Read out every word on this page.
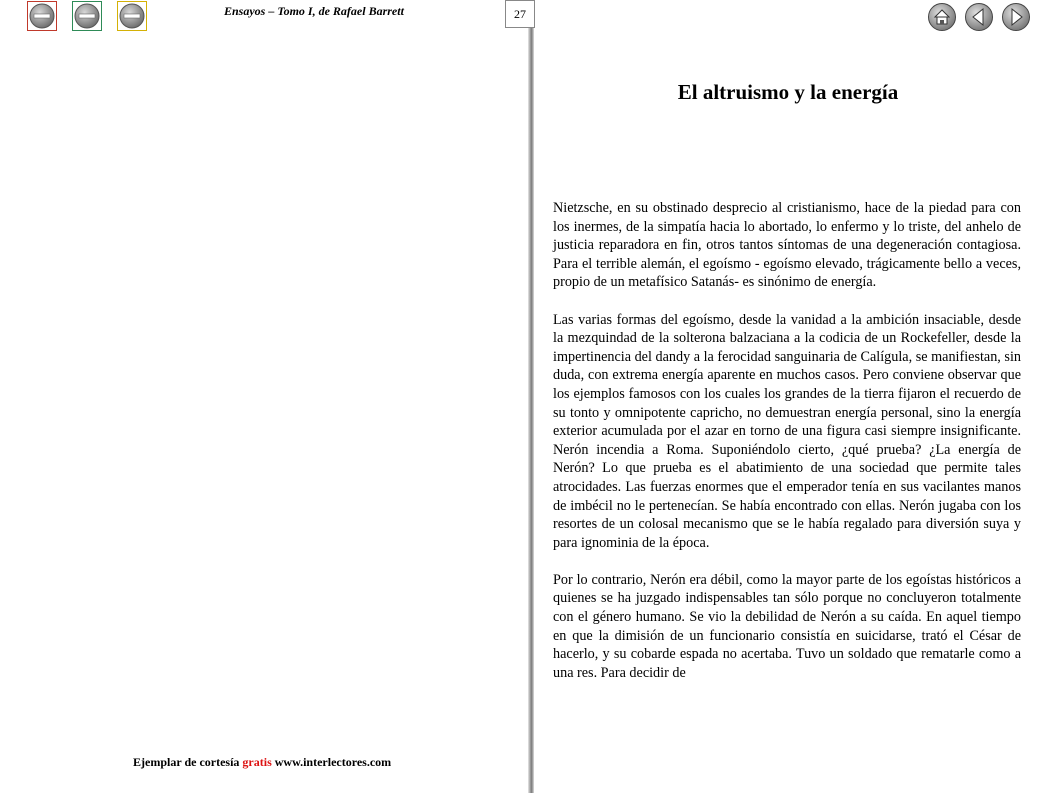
Ensayos – Tomo I, de Rafael Barrett	27
El altruismo y la energía

Nietzsche, en su obstinado desprecio al cristianismo, hace de la piedad para con los inermes, de la simpatía hacia lo abortado, lo enfermo y lo triste, del anhelo de justicia reparadora en fin, otros tantos síntomas de una degeneración contagiosa. Para el terrible alemán, el egoísmo - egoísmo elevado, trágicamente bello a veces, propio de un metafísico Satanás- es sinónimo de energía.

Las varias formas del egoísmo, desde la vanidad a la ambición insaciable, desde la mezquindad de la solterona balzaciana a la codicia de un Rockefeller, desde la impertinencia del dandy a la ferocidad sanguinaria de Calígula, se manifiestan, sin duda, con extrema energía aparente en muchos casos. Pero conviene observar que los ejemplos famosos con los cuales los grandes de la tierra fijaron el recuerdo de su tonto y omnipotente capricho, no demuestran energía personal, sino la energía exterior acumulada por el azar en torno de una figura casi siempre insignificante. Nerón incendia a Roma. Suponiéndolo cierto, ¿qué prueba? ¿La energía de Nerón? Lo que prueba es el abatimiento de una sociedad que permite tales atrocidades. Las fuerzas enormes que el emperador tenía en sus vacilantes manos de imbécil no le pertenecían. Se había encontrado con ellas. Nerón jugaba con los resortes de un colosal mecanismo que se le había regalado para diversión suya y para ignominia de la época.

Por lo contrario, Nerón era débil, como la mayor parte de los egoístas históricos a quienes se ha juzgado indispensables tan sólo porque no concluyeron totalmente con el género humano. Se vio la debilidad de Nerón a su caída. En aquel tiempo en que la dimisión de un funcionario consistía en suicidarse, trató el César de hacerlo, y su cobarde espada no acertaba. Tuvo un soldado que rematarle como a una res. Para decidir de

Ejemplar de cortesía gratis www.interlectores.com
